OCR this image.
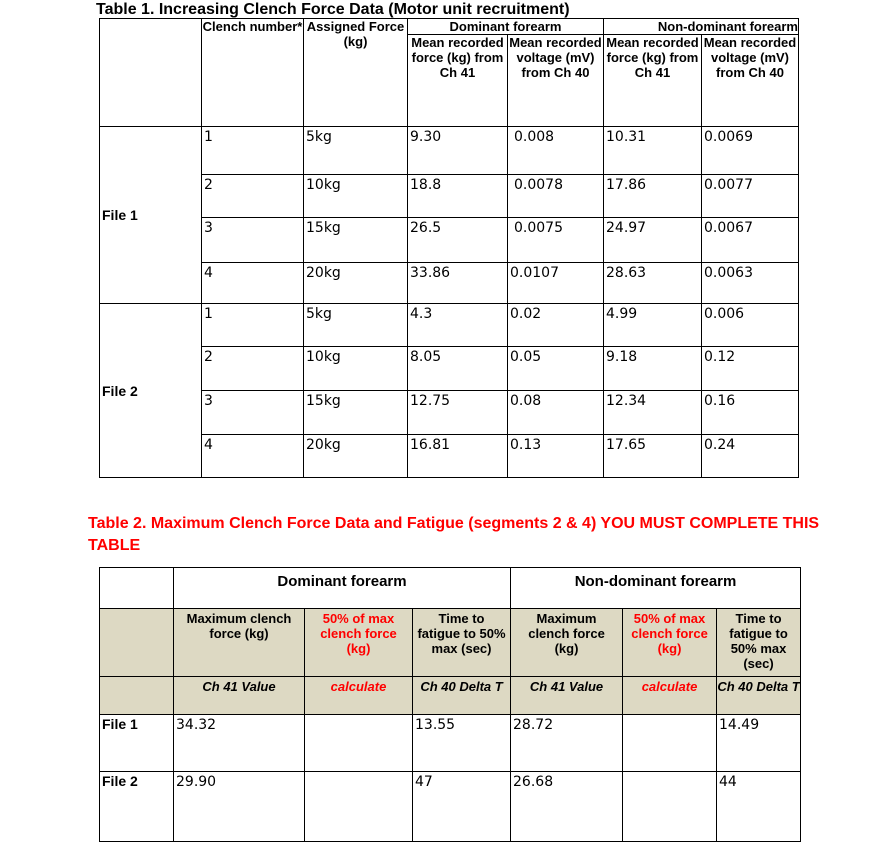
Table 1. Increasing Clench Force Data (Motor unit recruitment)
	Clench number*	Assigned Force (kg)	Dominant forearm		Non-dominant forearm	
			Mean recorded force (kg) from Ch 41	Mean recorded voltage (mV) from Ch 40	Mean recorded force (kg) from Ch 41	Mean recorded voltage (mV) from Ch 40
File 1	1	5kg	9.30	0.008	10.31	0.0069
	2	10kg	18.8	0.0078	17.86	0.0077
	3	15kg	26.5	0.0075	24.97	0.0067
	4	20kg	33.86	0.0107	28.63	0.0063
File 2	1	5kg	4.3	0.02	4.99	0.006
	2	10kg	8.05	0.05	9.18	0.12
	3	15kg	12.75	0.08	12.34	0.16
	4	20kg	16.81	0.13	17.65	0.24
Table 2. Maximum Clench Force Data and Fatigue (segments 2 & 4) YOU MUST COMPLETE THIS TABLE
	Dominant forearm			Non-dominant forearm		
	Maximum clench force (kg)	50% of max clench force (kg)	Time to fatigue to 50% max (sec)	Maximum clench force (kg)	50% of max clench force (kg)	Time to fatigue to 50% max (sec)
	Ch 41 Value	calculate	Ch 40 Delta T	Ch 41 Value	calculate	Ch 40 Delta T
File 1	34.32		13.55	28.72		14.49
File 2	29.90		47	26.68		44
